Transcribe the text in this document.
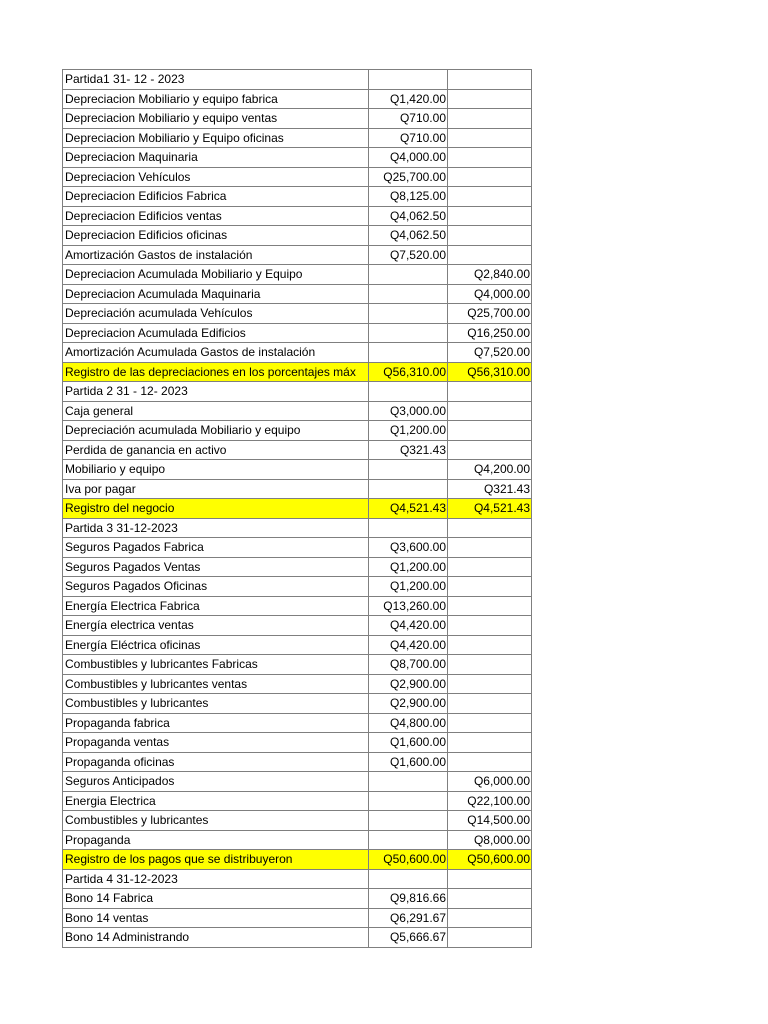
Partida1 31- 12 - 2023		
Depreciacion Mobiliario y equipo fabrica	Q1,420.00	
Depreciacion Mobiliario y equipo ventas	Q710.00	
Depreciacion Mobiliario y Equipo oficinas	Q710.00	
Depreciacion Maquinaria	Q4,000.00	
Depreciacion Vehículos	Q25,700.00	
Depreciacion Edificios Fabrica	Q8,125.00	
Depreciacion Edificios ventas	Q4,062.50	
Depreciacion Edificios oficinas	Q4,062.50	
Amortización Gastos de instalación	Q7,520.00	
Depreciacion Acumulada Mobiliario y Equipo		Q2,840.00
Depreciacion Acumulada Maquinaria		Q4,000.00
Depreciación acumulada Vehículos		Q25,700.00
Depreciacion Acumulada Edificios		Q16,250.00
Amortización Acumulada Gastos de instalación		Q7,520.00
Registro de las depreciaciones en los porcentajes máx	Q56,310.00	Q56,310.00
Partida 2 31 - 12- 2023		
Caja general	Q3,000.00	
Depreciación acumulada Mobiliario y equipo	Q1,200.00	
Perdida de ganancia en activo	Q321.43	
Mobiliario y equipo		Q4,200.00
Iva por pagar		Q321.43
Registro del negocio	Q4,521.43	Q4,521.43
Partida 3 31-12-2023		
Seguros Pagados Fabrica	Q3,600.00	
Seguros Pagados Ventas	Q1,200.00	
Seguros Pagados Oficinas	Q1,200.00	
Energía Electrica Fabrica	Q13,260.00	
Energía electrica ventas	Q4,420.00	
Energía Eléctrica oficinas	Q4,420.00	
Combustibles y lubricantes Fabricas	Q8,700.00	
Combustibles y lubricantes ventas	Q2,900.00	
Combustibles y lubricantes	Q2,900.00	
Propaganda fabrica	Q4,800.00	
Propaganda ventas	Q1,600.00	
Propaganda oficinas	Q1,600.00	
Seguros Anticipados		Q6,000.00
Energia Electrica		Q22,100.00
Combustibles y lubricantes		Q14,500.00
Propaganda		Q8,000.00
Registro de los pagos que se distribuyeron	Q50,600.00	Q50,600.00
Partida 4 31-12-2023		
Bono 14 Fabrica	Q9,816.66	
Bono 14 ventas	Q6,291.67	
Bono 14 Administrando	Q5,666.67	
